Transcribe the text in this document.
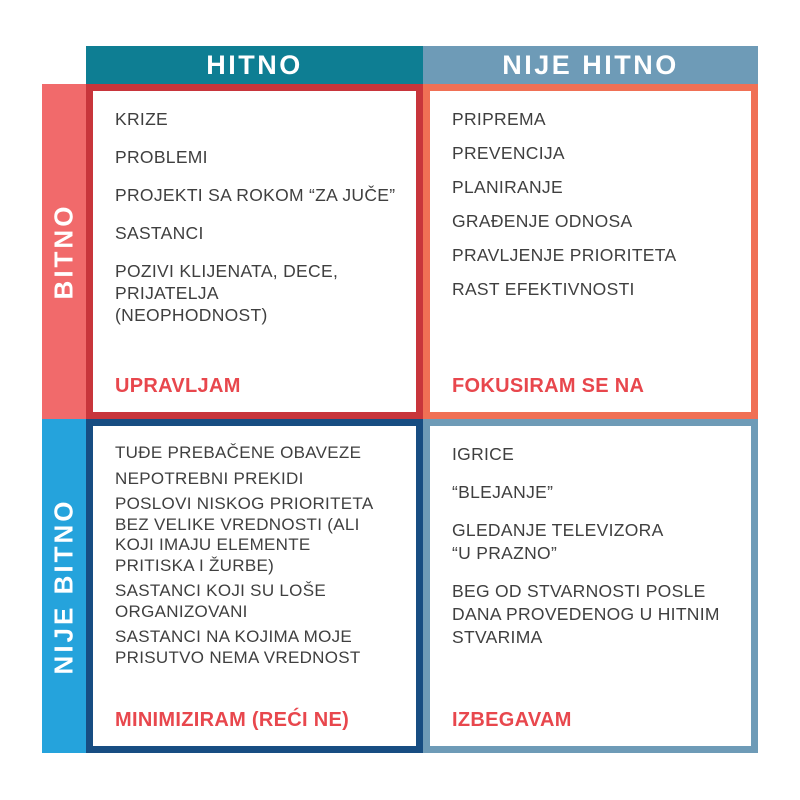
HITNO	NIJE HITNO
BITNO
NIJE BITNO
KRIZE
PROBLEMI
PROJEKTI SA ROKOM “ZA JUČE”
SASTANCI
POZIVI KLIJENATA, DECE, PRIJATELJA (NEOPHODNOST)
UPRAVLJAM
PRIPREMA
PREVENCIJA
PLANIRANJE
GRAĐENJE ODNOSA
PRAVLJENJE PRIORITETA
RAST EFEKTIVNOSTI
FOKUSIRAM SE NA
TUĐE PREBAČENE OBAVEZE
NEPOTREBNI PREKIDI
POSLOVI NISKOG PRIORITETA BEZ VELIKE VREDNOSTI (ALI KOJI IMAJU ELEMENTE PRITISKA I ŽURBE)
SASTANCI KOJI SU LOŠE ORGANIZOVANI
SASTANCI NA KOJIMA MOJE PRISUTVO NEMA VREDNOST
MINIMIZIRAM (REĆI NE)
IGRICE
“BLEJANJE”
GLEDANJE TELEVIZORA “U PRAZNO”
BEG OD STVARNOSTI POSLE DANA PROVEDENOG U HITNIM STVARIMA
IZBEGAVAM
